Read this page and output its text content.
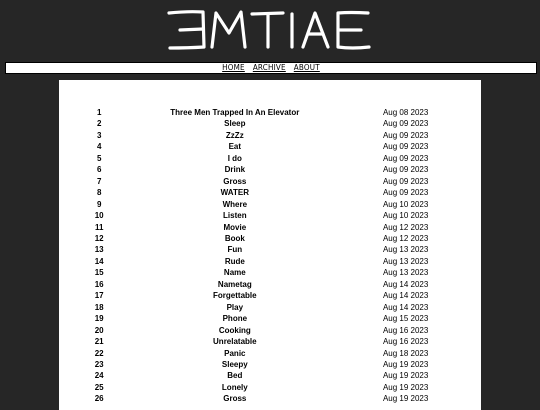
HOME ARCHIVE ABOUT
1	Three Men Trapped In An Elevator	Aug 08 2023
2	Sleep	Aug 09 2023
3	ZzZz	Aug 09 2023
4	Eat	Aug 09 2023
5	I do	Aug 09 2023
6	Drink	Aug 09 2023
7	Gross	Aug 09 2023
8	WATER	Aug 09 2023
9	Where	Aug 10 2023
10	Listen	Aug 10 2023
11	Movie	Aug 12 2023
12	Book	Aug 12 2023
13	Fun	Aug 13 2023
14	Rude	Aug 13 2023
15	Name	Aug 13 2023
16	Nametag	Aug 14 2023
17	Forgettable	Aug 14 2023
18	Play	Aug 14 2023
19	Phone	Aug 15 2023
20	Cooking	Aug 16 2023
21	Unrelatable	Aug 16 2023
22	Panic	Aug 18 2023
23	Sleepy	Aug 19 2023
24	Bed	Aug 19 2023
25	Lonely	Aug 19 2023
26	Gross	Aug 19 2023
